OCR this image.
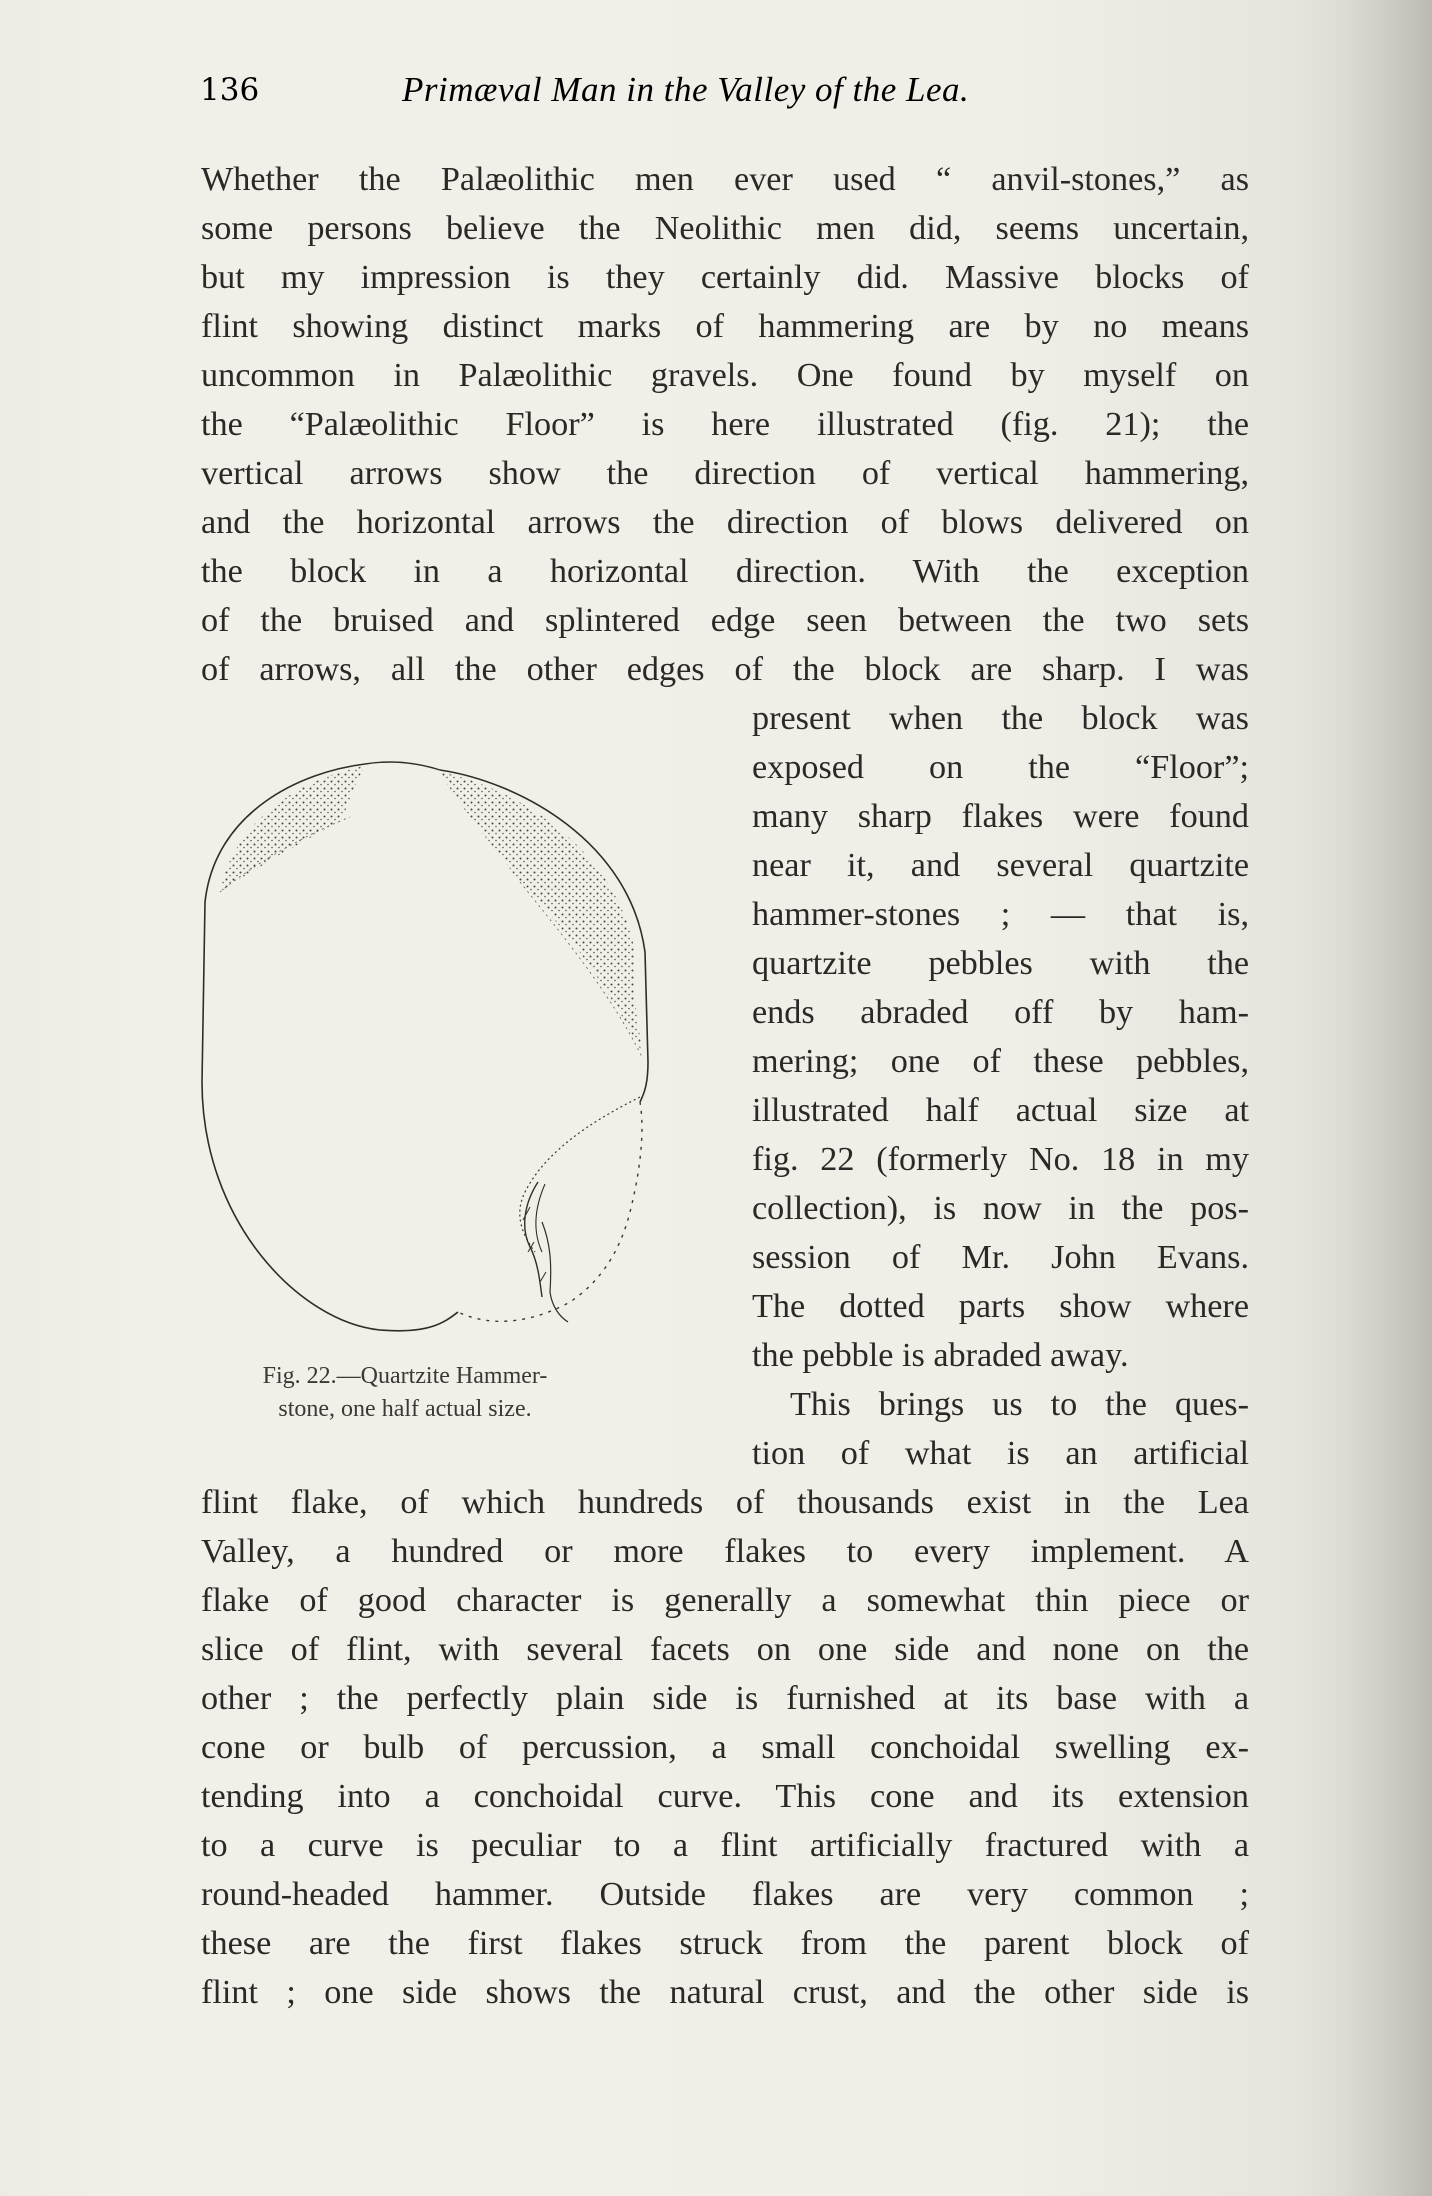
136	Primæval Man in the Valley of the Lea.
Whether the Palæolithic men ever used “ anvil-stones,” as
some persons believe the Neolithic men did, seems uncertain,
but my impression is they certainly did. Massive blocks of
flint showing distinct marks of hammering are by no means
uncommon in Palæolithic gravels. One found by myself on
the “Palæolithic Floor” is here illustrated (fig. 21); the
vertical arrows show the direction of vertical hammering,
and the horizontal arrows the direction of blows delivered on
the block in a horizontal direction. With the exception
of the bruised and splintered edge seen between the two sets
of arrows, all the other edges of the block are sharp. I was
present when the block was
exposed on the “Floor”;
many sharp flakes were found
near it, and several quartzite
hammer-stones ; — that is,
quartzite pebbles with the
ends abraded off by ham-
mering; one of these pebbles,
illustrated half actual size at
fig. 22 (formerly No. 18 in my
collection), is now in the pos-
session of Mr. John Evans.
The dotted parts show where
the pebble is abraded away.
This brings us to the ques-
tion of what is an artificial
flint flake, of which hundreds of thousands exist in the Lea
Valley, a hundred or more flakes to every implement. A
flake of good character is generally a somewhat thin piece or
slice of flint, with several facets on one side and none on the
other ; the perfectly plain side is furnished at its base with a
cone or bulb of percussion, a small conchoidal swelling ex-
tending into a conchoidal curve. This cone and its extension
to a curve is peculiar to a flint artificially fractured with a
round-headed hammer. Outside flakes are very common ;
these are the first flakes struck from the parent block of
flint ; one side shows the natural crust, and the other side is
Fig. 22.—Quartzite Hammer-
stone, one half actual size.
